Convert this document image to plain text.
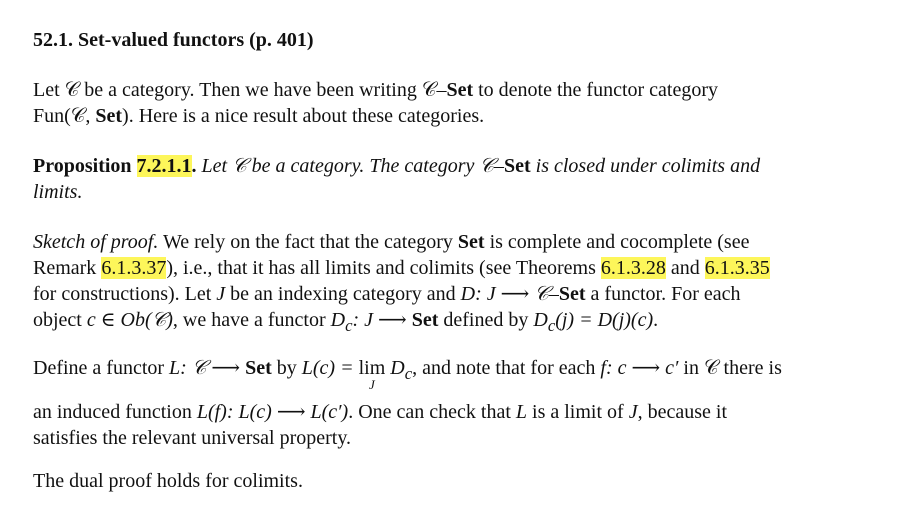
52.1. Set-valued functors (p. 401)
Let 𝒞 be a category. Then we have been writing 𝒞–Set to denote the functor category
Fun(𝒞, Set). Here is a nice result about these categories.
Proposition 7.2.1.1. Let 𝒞 be a category. The category 𝒞–Set is closed under colimits and
limits.
Sketch of proof. We rely on the fact that the category Set is complete and cocomplete (see
Remark 6.1.3.37), i.e., that it has all limits and colimits (see Theorems 6.1.3.28 and 6.1.3.35
for constructions). Let J be an indexing category and D: J ⟶ 𝒞–Set a functor. For each
object c ∈ Ob(𝒞), we have a functor $D_c$: J ⟶ Set defined by $D_c(j) = D(j)(c)$.
Define a functor L: 𝒞 ⟶ Set by L(c) = lim
J
$D_c$, and note that for each f: c ⟶ c′ in 𝒞 there is
an induced function L(f): L(c) ⟶ L(c′). One can check that L is a limit of J, because it
satisfies the relevant universal property.
The dual proof holds for colimits.
